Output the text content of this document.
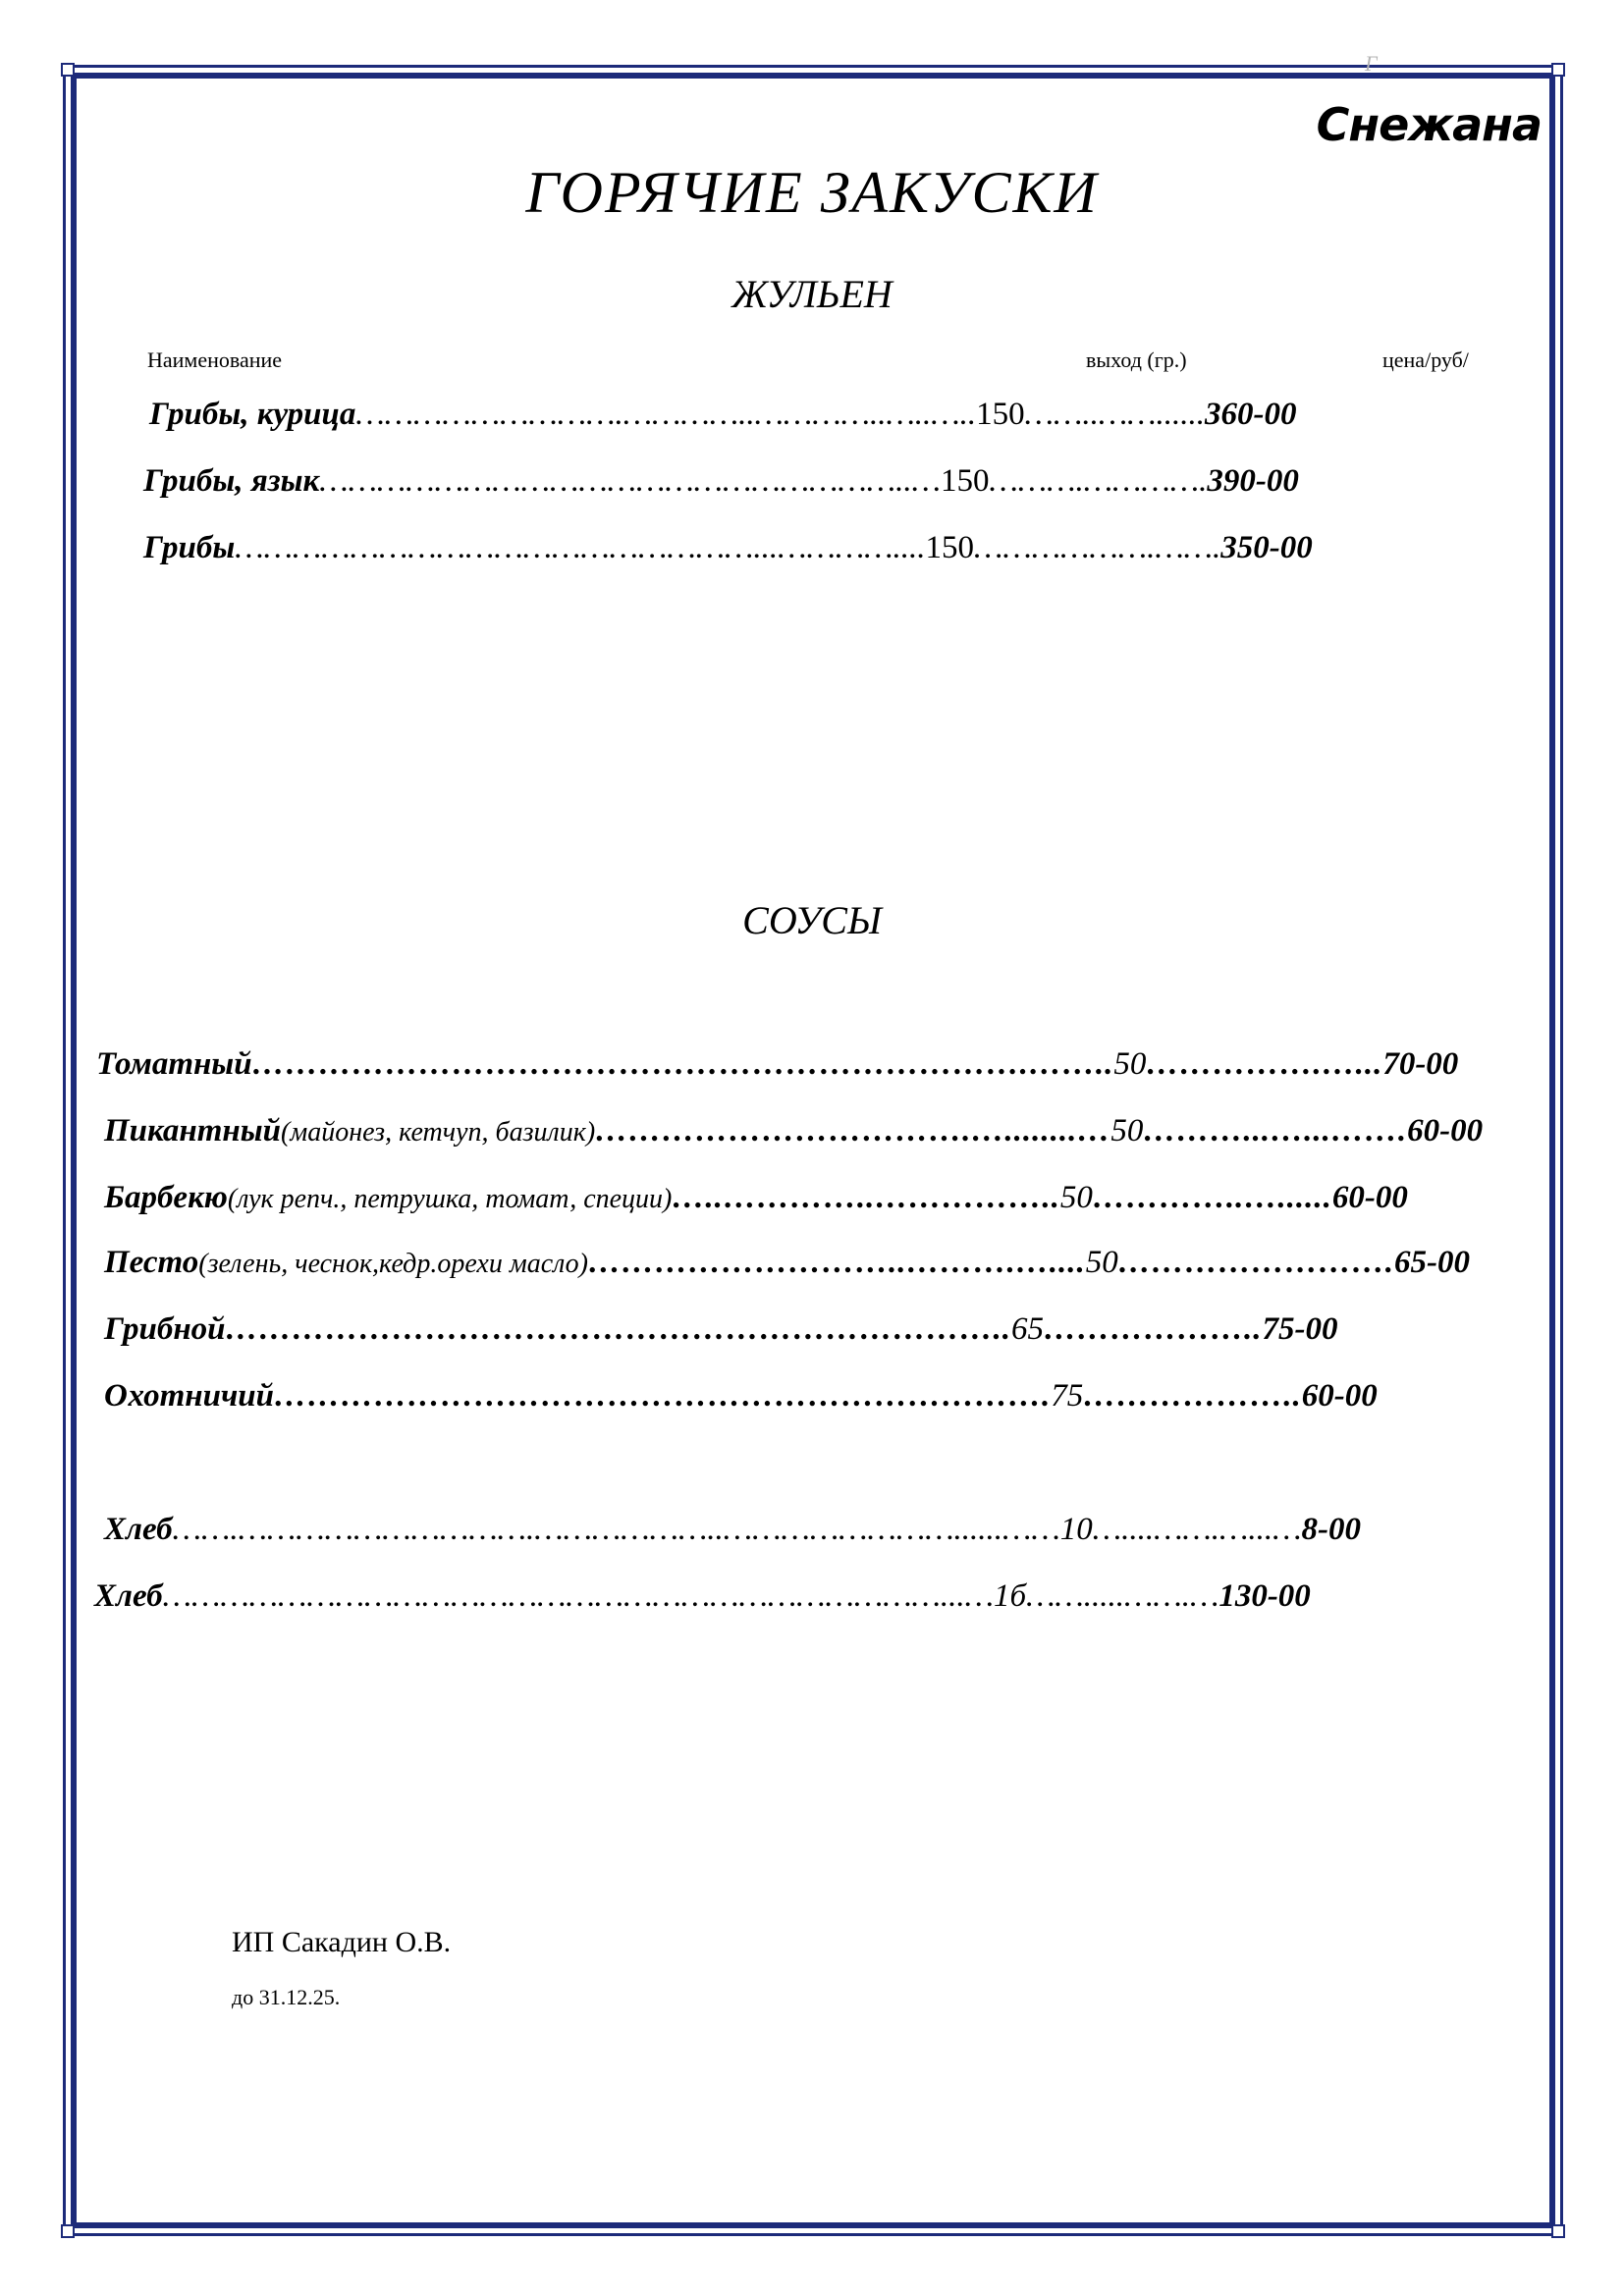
Г
Снежана
ГОРЯЧИЕ ЗАКУСКИ
ЖУЛЬЕН
Наименование	выход (гр.)	цена/руб/
Грибы, курица……………………….…………..…………..…..…..150……..……......360-00
Грибы, язык……………………………………………………..…150……….………….390-00
Грибы………………………………………………...…………....150……………….…….350-00
СОУСЫ
Томатный…………………………………………………………….……..50…………….…...70-00
Пикантный(майонез, кетчуп, базилик)…………………………….…........…50………...…...…….60-00
Барбекю(лук репч., петрушка, томат, специи)…..…………..……………..50…………..…......60-00
Песто(зелень, чеснок,кедр.орехи масло)………………………..……….…....50…………………….65-00
Грибной……………………………………………………………..65………………..75-00
Охотничий…………………………………………………………….75………………..60-00
Хлеб…….………………………….………………..……………………......……10…....…….…...…8-00
Хлеб………………………………………………………………………...…1б…….....…….…130-00
ИП Сакадин О.В.
до 31.12.25.
